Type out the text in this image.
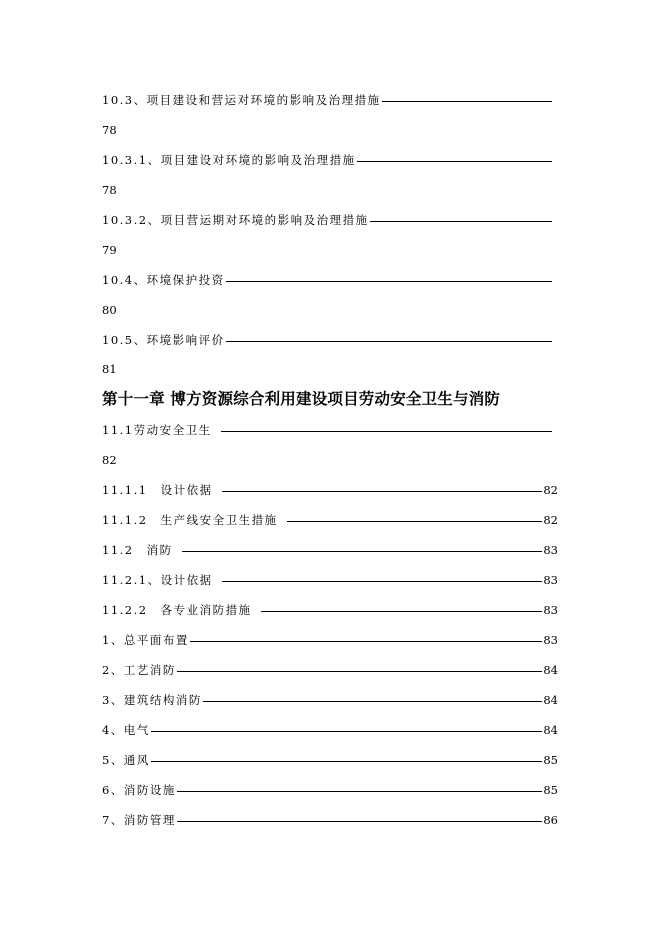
10.3、项目建设和营运对环境的影响及治理措施
78
10.3.1、项目建设对环境的影响及治理措施
78
10.3.2、项目营运期对环境的影响及治理措施
79
10.4、环境保护投资
80
10.5、环境影响评价
81
第十一章 博方资源综合利用建设项目劳动安全卫生与消防
11.1劳动安全卫生
82
11.1.1　设计依据	82
11.1.2　生产线安全卫生措施	82
11.2　消防	83
11.2.1、设计依据	83
11.2.2　各专业消防措施	83
1、总平面布置	83
2、工艺消防	84
3、建筑结构消防	84
4、电气	84
5、通风	85
6、消防设施	85
7、消防管理	86
